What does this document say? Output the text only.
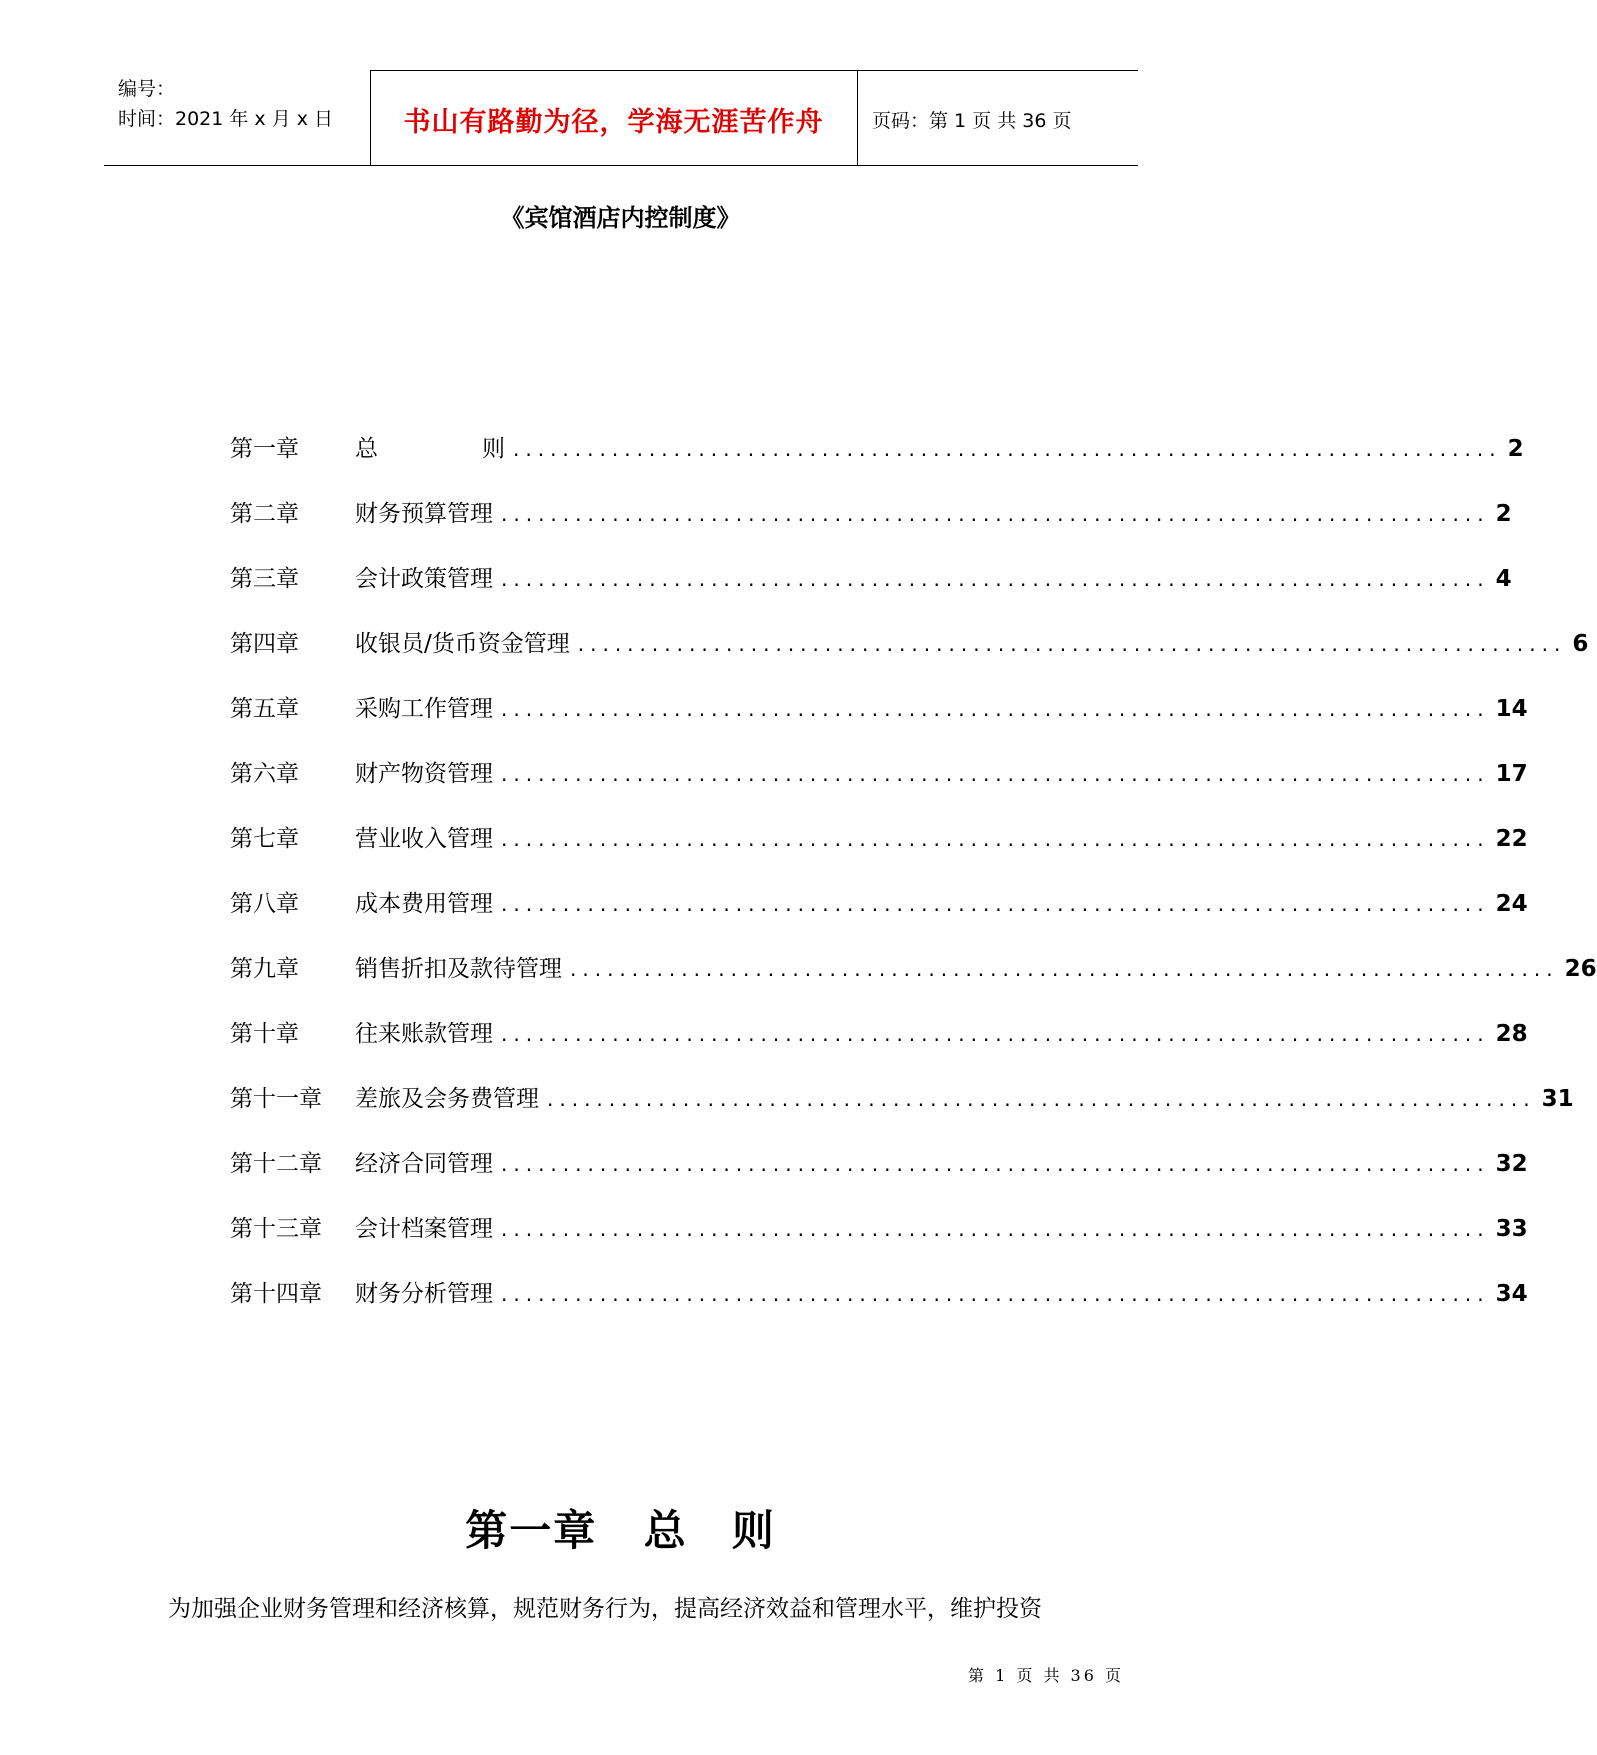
编号：
时间：2021 年 x 月 x 日	书山有路勤为径，学海无涯苦作舟	页码：第 1 页 共 36 页
《宾馆酒店内控制度》
第一章	总	则 ................................................................................ 2
第二章	财务预算管理 ................................................................................ 2
第三章	会计政策管理 ................................................................................ 4
第四章	收银员/货币资金管理 ................................................................................ 6
第五章	采购工作管理 ................................................................................ 14
第六章	财产物资管理 ................................................................................ 17
第七章	营业收入管理 ................................................................................ 22
第八章	成本费用管理 ................................................................................ 24
第九章	销售折扣及款待管理 ................................................................................ 26
第十章	往来账款管理 ................................................................................ 28
第十一章	差旅及会务费管理 ................................................................................ 31
第十二章	经济合同管理 ................................................................................ 32
第十三章	会计档案管理 ................................................................................ 33
第十四章	财务分析管理 ................................................................................ 34
第一章 总　则
为加强企业财务管理和经济核算，规范财务行为，提高经济效益和管理水平，维护投资
第 1 页 共 36 页
